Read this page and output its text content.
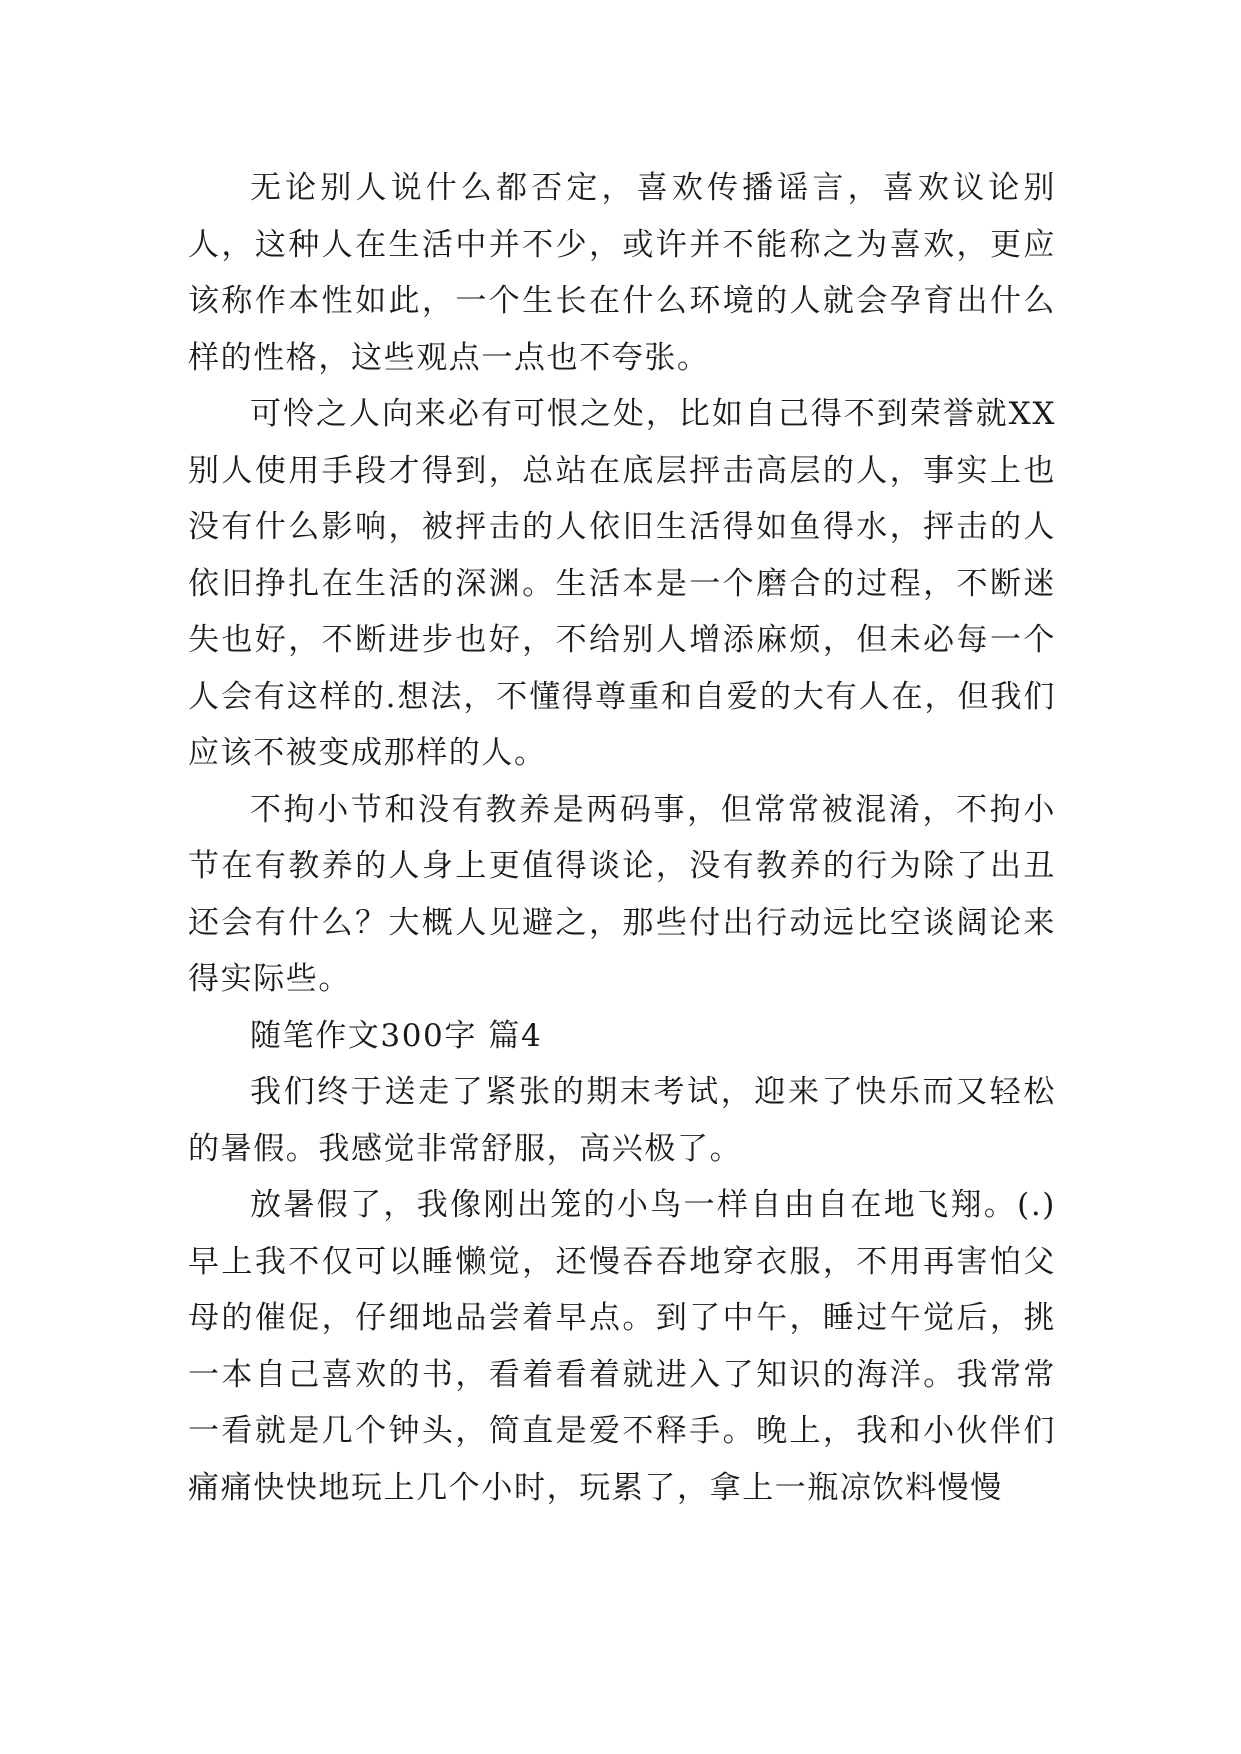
无论别人说什么都否定，喜欢传播谣言，喜欢议论别人，这种人在生活中并不少，或许并不能称之为喜欢，更应该称作本性如此，一个生长在什么环境的人就会孕育出什么样的性格，这些观点一点也不夸张。

可怜之人向来必有可恨之处，比如自己得不到荣誉就XX别人使用手段才得到，总站在底层抨击高层的人，事实上也没有什么影响，被抨击的人依旧生活得如鱼得水，抨击的人依旧挣扎在生活的深渊。生活本是一个磨合的过程，不断迷失也好，不断进步也好，不给别人增添麻烦，但未必每一个人会有这样的.想法，不懂得尊重和自爱的大有人在，但我们应该不被变成那样的人。

不拘小节和没有教养是两码事，但常常被混淆，不拘小节在有教养的人身上更值得谈论，没有教养的行为除了出丑还会有什么？大概人见避之，那些付出行动远比空谈阔论来得实际些。

随笔作文300字 篇4

我们终于送走了紧张的期末考试，迎来了快乐而又轻松的暑假。我感觉非常舒服，高兴极了。

放暑假了，我像刚出笼的小鸟一样自由自在地飞翔。(.)早上我不仅可以睡懒觉，还慢吞吞地穿衣服，不用再害怕父母的催促，仔细地品尝着早点。到了中午，睡过午觉后，挑一本自己喜欢的书，看着看着就进入了知识的海洋。我常常一看就是几个钟头，简直是爱不释手。晚上，我和小伙伴们痛痛快快地玩上几个小时，玩累了，拿上一瓶凉饮料慢慢
